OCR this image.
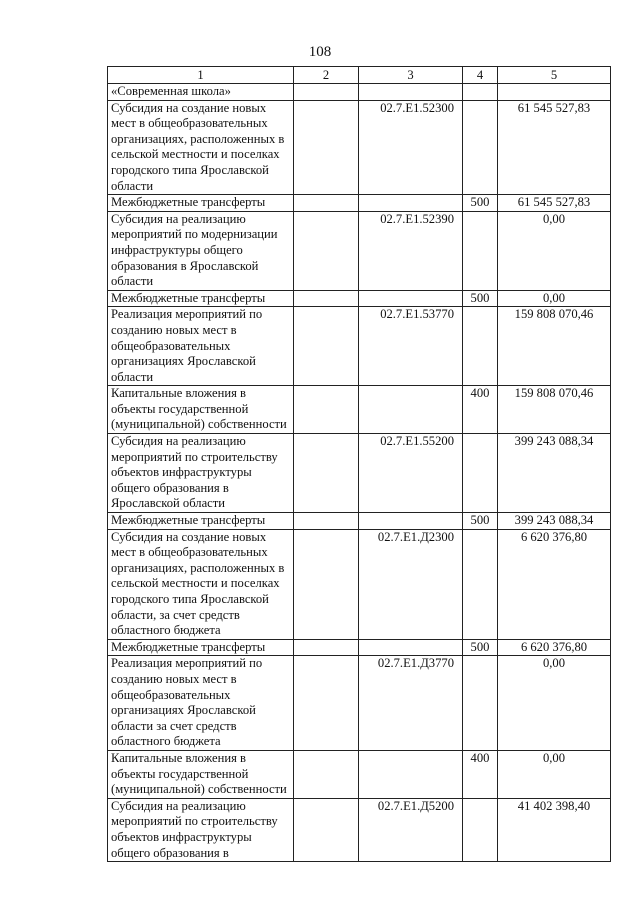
108
1	2	3	4	5
«Современная школа»				
Субсидия на создание новых мест в общеобразовательных организациях, расположенных в сельской местности и поселках городского типа Ярославской области		02.7.E1.52300		61 545 527,83
Межбюджетные трансферты			500	61 545 527,83
Субсидия на реализацию мероприятий по модернизации инфраструктуры общего образования в Ярославской области		02.7.E1.52390		0,00
Межбюджетные трансферты			500	0,00
Реализация мероприятий по созданию новых мест в общеобразовательных организациях Ярославской области		02.7.E1.53770		159 808 070,46
Капитальные вложения в объекты государственной (муниципальной) собственности			400	159 808 070,46
Субсидия на реализацию мероприятий по строительству объектов инфраструктуры общего образования в Ярославской области		02.7.E1.55200		399 243 088,34
Межбюджетные трансферты			500	399 243 088,34
Субсидия на создание новых мест в общеобразовательных организациях, расположенных в сельской местности и поселках городского типа Ярославской области, за счет средств областного бюджета		02.7.E1.Д2300		6 620 376,80
Межбюджетные трансферты			500	6 620 376,80
Реализация мероприятий по созданию новых мест в общеобразовательных организациях Ярославской области за счет средств областного бюджета		02.7.E1.Д3770		0,00
Капитальные вложения в объекты государственной (муниципальной) собственности			400	0,00
Субсидия на реализацию мероприятий по строительству объектов инфраструктуры общего образования в		02.7.E1.Д5200		41 402 398,40
